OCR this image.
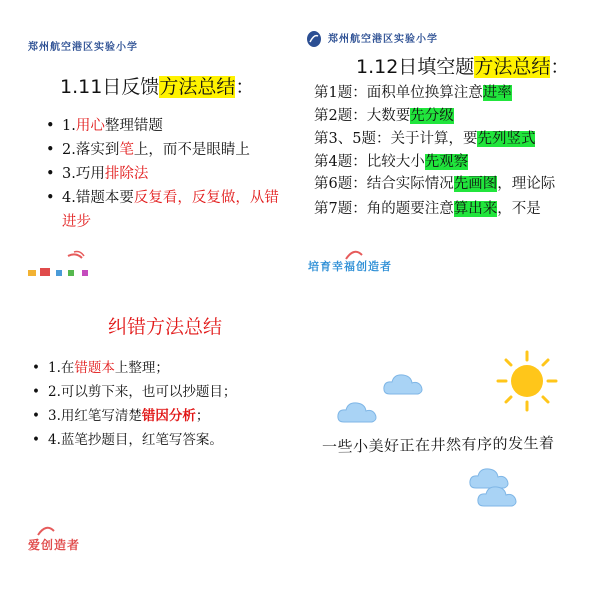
郑州航空港区实验小学
1.11日反馈方法总结：
• 1.用心整理错题
• 2.落实到笔上，而不是眼睛上
• 3.巧用排除法
• 4.错题本要反复看，反复做，从错
进步
郑州航空港区实验小学
1.12日填空题方法总结：
第1题：面积单位换算注意进率
第2题：大数要先分级
第3、5题：关于计算，要先列竖式
第4题：比较大小先观察
第6题：结合实际情况先画图，理论际
第7题：角的题要注意算出来，不是
培育幸福创造者
纠错方法总结
• 1.在错题本上整理；
• 2.可以剪下来，也可以抄题目；
• 3.用红笔写清楚错因分析；
• 4.蓝笔抄题目，红笔写答案。
爱创造者
一些小美好正在井然有序的发生着
